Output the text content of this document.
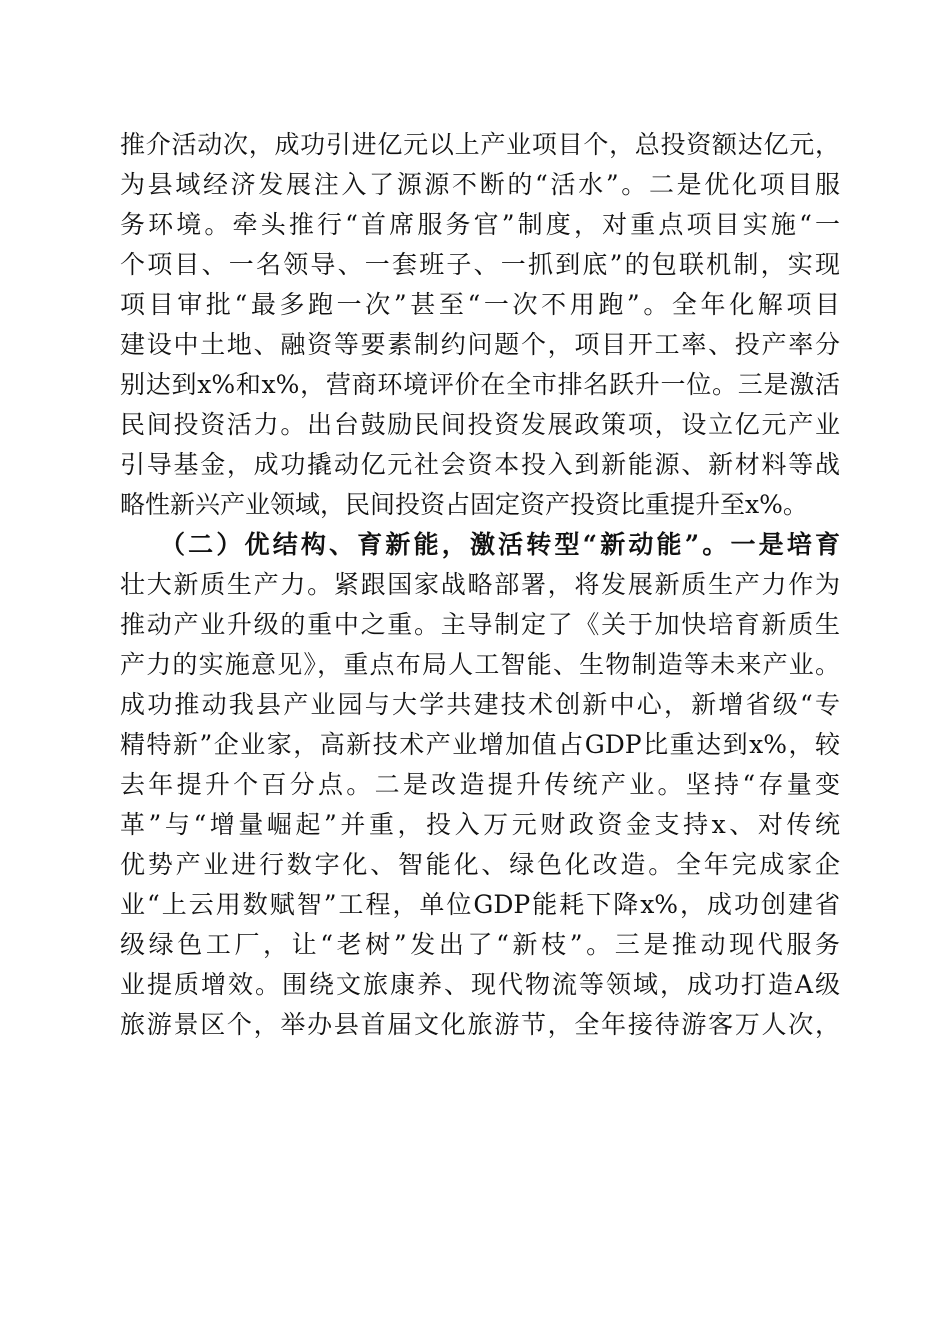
推介活动次，成功引进亿元以上产业项目个，总投资额达亿元，
为县域经济发展注入了源源不断的“活水”。二是优化项目服
务环境。牵头推行“首席服务官”制度，对重点项目实施“一
个项目、一名领导、一套班子、一抓到底”的包联机制，实现
项目审批“最多跑一次”甚至“一次不用跑”。全年化解项目
建设中土地、融资等要素制约问题个，项目开工率、投产率分
别达到x%和x%，营商环境评价在全市排名跃升一位。三是激活
民间投资活力。出台鼓励民间投资发展政策项，设立亿元产业
引导基金，成功撬动亿元社会资本投入到新能源、新材料等战
略性新兴产业领域，民间投资占固定资产投资比重提升至x%。
（二）优结构、育新能，激活转型“新动能”。一是培育
壮大新质生产力。紧跟国家战略部署，将发展新质生产力作为
推动产业升级的重中之重。主导制定了《关于加快培育新质生
产力的实施意见》，重点布局人工智能、生物制造等未来产业。
成功推动我县产业园与大学共建技术创新中心，新增省级“专
精特新”企业家，高新技术产业增加值占GDP比重达到x%，较
去年提升个百分点。二是改造提升传统产业。坚持“存量变
革”与“增量崛起”并重，投入万元财政资金支持x、对传统
优势产业进行数字化、智能化、绿色化改造。全年完成家企
业“上云用数赋智”工程，单位GDP能耗下降x%，成功创建省
级绿色工厂，让“老树”发出了“新枝”。三是推动现代服务
业提质增效。围绕文旅康养、现代物流等领域，成功打造A级
旅游景区个，举办县首届文化旅游节，全年接待游客万人次，
